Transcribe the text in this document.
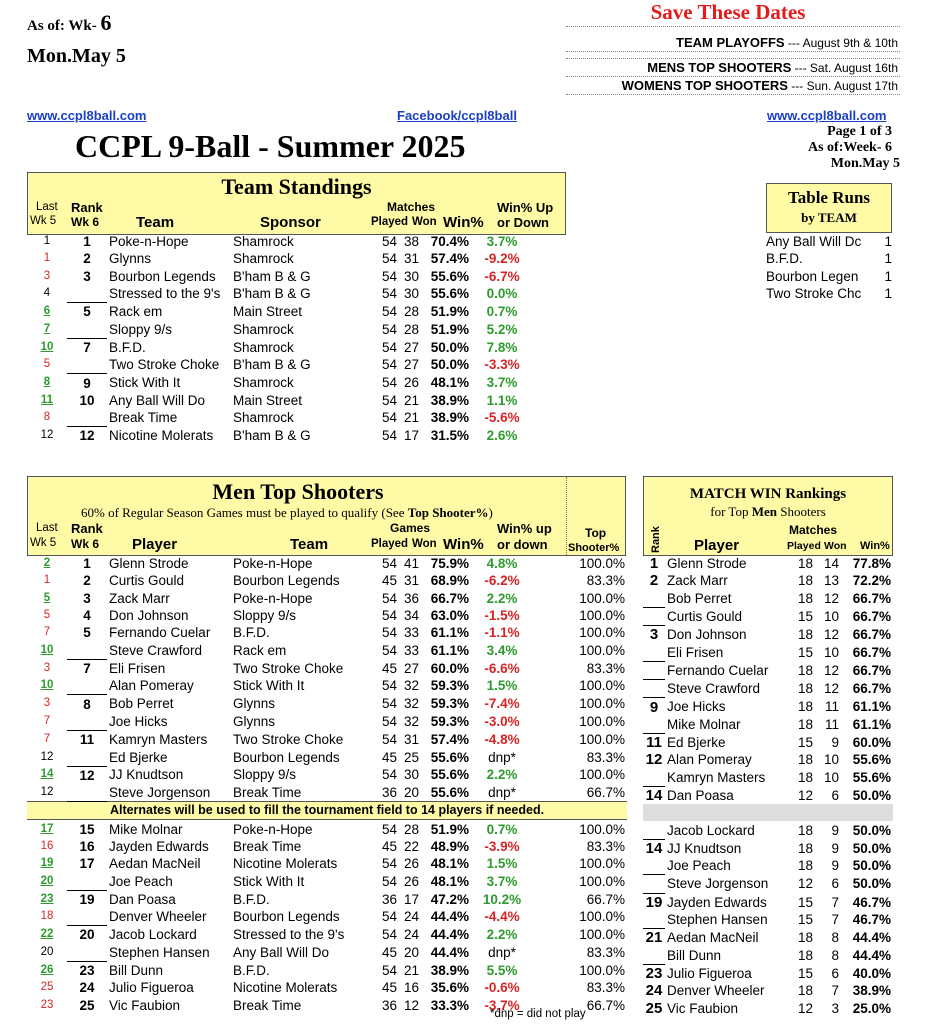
As of: Wk- 6
Mon.May 5
Save These Dates
TEAM PLAYOFFS --- August 9th & 10th
MENS TOP SHOOTERS --- Sat. August 16th
WOMENS TOP SHOOTERS --- Sun. August 17th
www.ccpl8ball.com	Facebook/ccpl8ball	www.ccpl8ball.com
CCPL 9-Ball - Summer 2025	Page 1 of 3
As of:Week- 6
Mon.May 5
Team Standings
Last
Wk 5
Rank
Wk 6 Team	Sponsor
Matches
Played Won Win%
Win% Up
or Down
1	1	Poke-n-Hope	Shamrock	54	38	70.4%	3.7%	
1	2	Glynns	Shamrock	54	31	57.4%	-9.2%	
3	3	Bourbon Legends	B'ham B & G	54	30	55.6%	-6.7%	
4		Stressed to the 9's	B'ham B & G	54	30	55.6%	0.0%	
6	5	Rack em	Main Street	54	28	51.9%	0.7%	
7		Sloppy 9/s	Shamrock	54	28	51.9%	5.2%	
10	7	B.F.D.	Shamrock	54	27	50.0%	7.8%	
5		Two Stroke Choke	B'ham B & G	54	27	50.0%	-3.3%	
8	9	Stick With It	Shamrock	54	26	48.1%	3.7%	
11	10	Any Ball Will Do	Main Street	54	21	38.9%	1.1%	
8		Break Time	Shamrock	54	21	38.9%	-5.6%	
12	12	Nicotine Molerats	B'ham B & G	54	17	31.5%	2.6%	
Table Runs
by TEAM
Any Ball Will Dc	1
B.F.D.	1
Bourbon Legen	1
Two Stroke Chc	1
Men Top Shooters
60% of Regular Season Games must be played to qualify (See Top Shooter%)
Last
Wk 5
Rank
Wk 6 Player	Team
Games
Played Won Win%
Win% up
or down
Top
Shooter%
2	1	Glenn Strode	Poke-n-Hope	54	41	75.9%	4.8%		100.0%
1	2	Curtis Gould	Bourbon Legends	45	31	68.9%	-6.2%		83.3%
5	3	Zack Marr	Poke-n-Hope	54	36	66.7%	2.2%		100.0%
5	4	Don Johnson	Sloppy 9/s	54	34	63.0%	-1.5%		100.0%
7	5	Fernando Cuelar	B.F.D.	54	33	61.1%	-1.1%		100.0%
10		Steve Crawford	Rack em	54	33	61.1%	3.4%		100.0%
3	7	Eli Frisen	Two Stroke Choke	45	27	60.0%	-6.6%		83.3%
10		Alan Pomeray	Stick With It	54	32	59.3%	1.5%		100.0%
3	8	Bob Perret	Glynns	54	32	59.3%	-7.4%		100.0%
7		Joe Hicks	Glynns	54	32	59.3%	-3.0%		100.0%
7	11	Kamryn Masters	Two Stroke Choke	54	31	57.4%	-4.8%		100.0%
12		Ed Bjerke	Bourbon Legends	45	25	55.6%	dnp*		83.3%
14	12	JJ Knudtson	Sloppy 9/s	54	30	55.6%	2.2%		100.0%
12		Steve Jorgenson	Break Time	36	20	55.6%	dnp*		66.7%
Alternates will be used to fill the tournament field to 14 players if needed.									
17	15	Mike Molnar	Poke-n-Hope	54	28	51.9%	0.7%		100.0%
16	16	Jayden Edwards	Break Time	45	22	48.9%	-3.9%		83.3%
19	17	Aedan MacNeil	Nicotine Molerats	54	26	48.1%	1.5%		100.0%
20		Joe Peach	Stick With It	54	26	48.1%	3.7%		100.0%
23	19	Dan Poasa	B.F.D.	36	17	47.2%	10.2%		66.7%
18		Denver Wheeler	Bourbon Legends	54	24	44.4%	-4.4%		100.0%
22	20	Jacob Lockard	Stressed to the 9's	54	24	44.4%	2.2%		100.0%
20		Stephen Hansen	Any Ball Will Do	45	20	44.4%	dnp*		83.3%
26	23	Bill Dunn	B.F.D.	54	21	38.9%	5.5%		100.0%
25	24	Julio Figueroa	Nicotine Molerats	45	16	35.6%	-0.6%		83.3%
23	25	Vic Faubion	Break Time	36	12	33.3%	-3.7%		66.7%
*dnp = did not play
MATCH WIN Rankings
for Top Men Shooters
Rank Player
Matches
Played Won Win%
1	Glenn Strode	18	14	77.8%
2	Zack Marr	18	13	72.2%
	Bob Perret	18	12	66.7%
	Curtis Gould	15	10	66.7%
3	Don Johnson	18	12	66.7%
	Eli Frisen	15	10	66.7%
	Fernando Cuelar	18	12	66.7%
	Steve Crawford	18	12	66.7%
9	Joe Hicks	18	11	61.1%
	Mike Molnar	18	11	61.1%
11	Ed Bjerke	15	9	60.0%
12	Alan Pomeray	18	10	55.6%
	Kamryn Masters	18	10	55.6%
14	Dan Poasa	12	6	50.0%

	Jacob Lockard	18	9	50.0%
14	JJ Knudtson	18	9	50.0%
	Joe Peach	18	9	50.0%
	Steve Jorgenson	12	6	50.0%
19	Jayden Edwards	15	7	46.7%
	Stephen Hansen	15	7	46.7%
21	Aedan MacNeil	18	8	44.4%
	Bill Dunn	18	8	44.4%
23	Julio Figueroa	15	6	40.0%
24	Denver Wheeler	18	7	38.9%
25	Vic Faubion	12	3	25.0%
